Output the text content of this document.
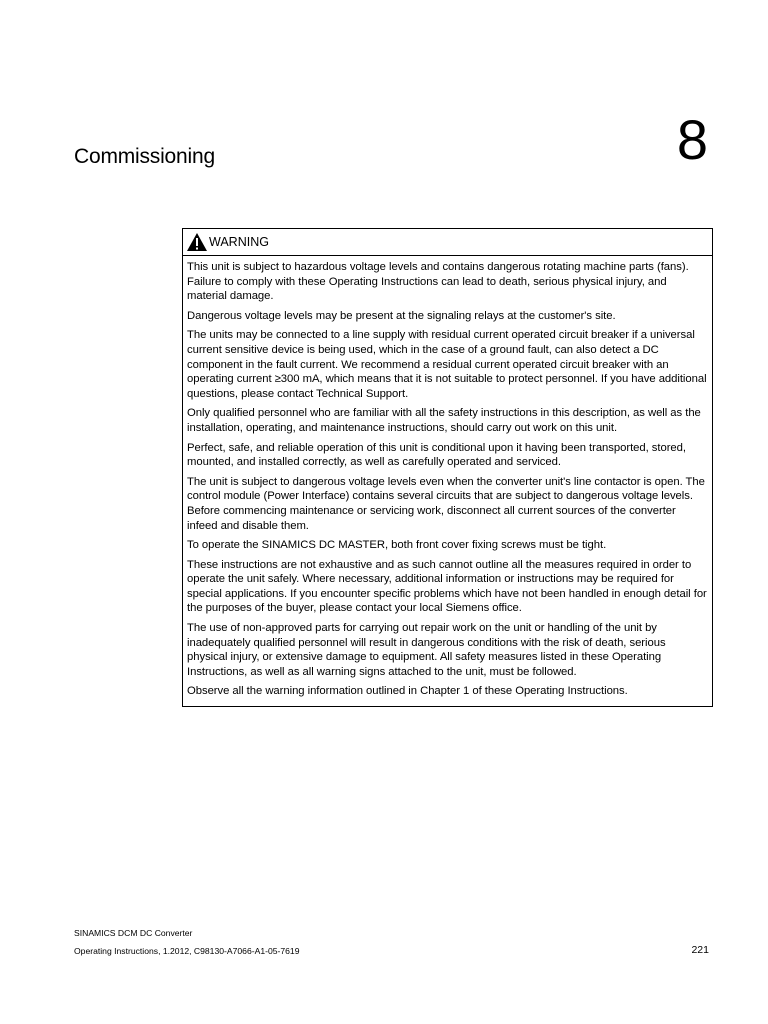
Commissioning	8
WARNING

This unit is subject to hazardous voltage levels and contains dangerous rotating machine parts (fans). Failure to comply with these Operating Instructions can lead to death, serious physical injury, and material damage.

Dangerous voltage levels may be present at the signaling relays at the customer's site.

The units may be connected to a line supply with residual current operated circuit breaker if a universal current sensitive device is being used, which in the case of a ground fault, can also detect a DC component in the fault current. We recommend a residual current operated circuit breaker with an operating current ≥300 mA, which means that it is not suitable to protect personnel. If you have additional questions, please contact Technical Support.

Only qualified personnel who are familiar with all the safety instructions in this description, as well as the installation, operating, and maintenance instructions, should carry out work on this unit.

Perfect, safe, and reliable operation of this unit is conditional upon it having been transported, stored, mounted, and installed correctly, as well as carefully operated and serviced.

The unit is subject to dangerous voltage levels even when the converter unit's line contactor is open. The control module (Power Interface) contains several circuits that are subject to dangerous voltage levels. Before commencing maintenance or servicing work, disconnect all current sources of the converter infeed and disable them.

To operate the SINAMICS DC MASTER, both front cover fixing screws must be tight.

These instructions are not exhaustive and as such cannot outline all the measures required in order to operate the unit safely. Where necessary, additional information or instructions may be required for special applications. If you encounter specific problems which have not been handled in enough detail for the purposes of the buyer, please contact your local Siemens office.

The use of non-approved parts for carrying out repair work on the unit or handling of the unit by inadequately qualified personnel will result in dangerous conditions with the risk of death, serious physical injury, or extensive damage to equipment. All safety measures listed in these Operating Instructions, as well as all warning signs attached to the unit, must be followed.

Observe all the warning information outlined in Chapter 1 of these Operating Instructions.

SINAMICS DCM DC Converter
Operating Instructions, 1.2012, C98130-A7066-A1-05-7619	221
